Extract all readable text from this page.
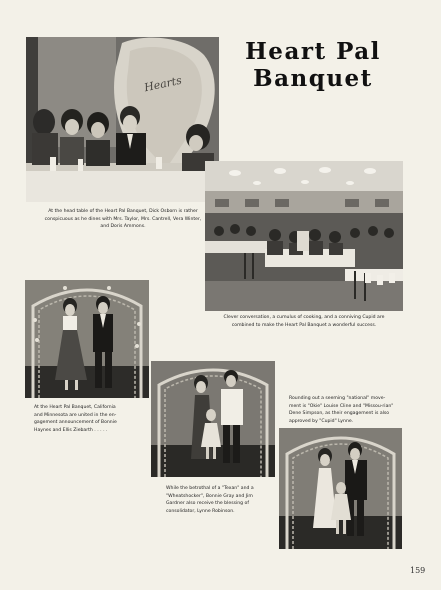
Heart Pal
Banquet
Hearts
At the head table of the Heart Pal Banquet, Dick Osborn is rather conspicuous as he dines with Mrs. Taylor, Mrs. Cantrell, Vera Winter, and Doris Ammons.
Clever conversation, a cumulus of cooking, and a conniving Cupid are combined to make the Heart Pal Banquet a wonderful success.
At the Heart Pal Banquet, California and Minnesota are united in the en-gagement announcement of Bonnie Haynes and Ellis Ziebarth . . . . .
While the betrothal of a "Texan" and a "Wheatshocker", Bonnie Gray and Jim Gardner also receive the blessing of consolidator, Lynne Robinson.
Rounding out a seeming "national" move-ment is "Okie" Louise Cline and "Missou-rian" Dene Simpson, as their engagement is also approved by "Cupid" Lynne.
159
